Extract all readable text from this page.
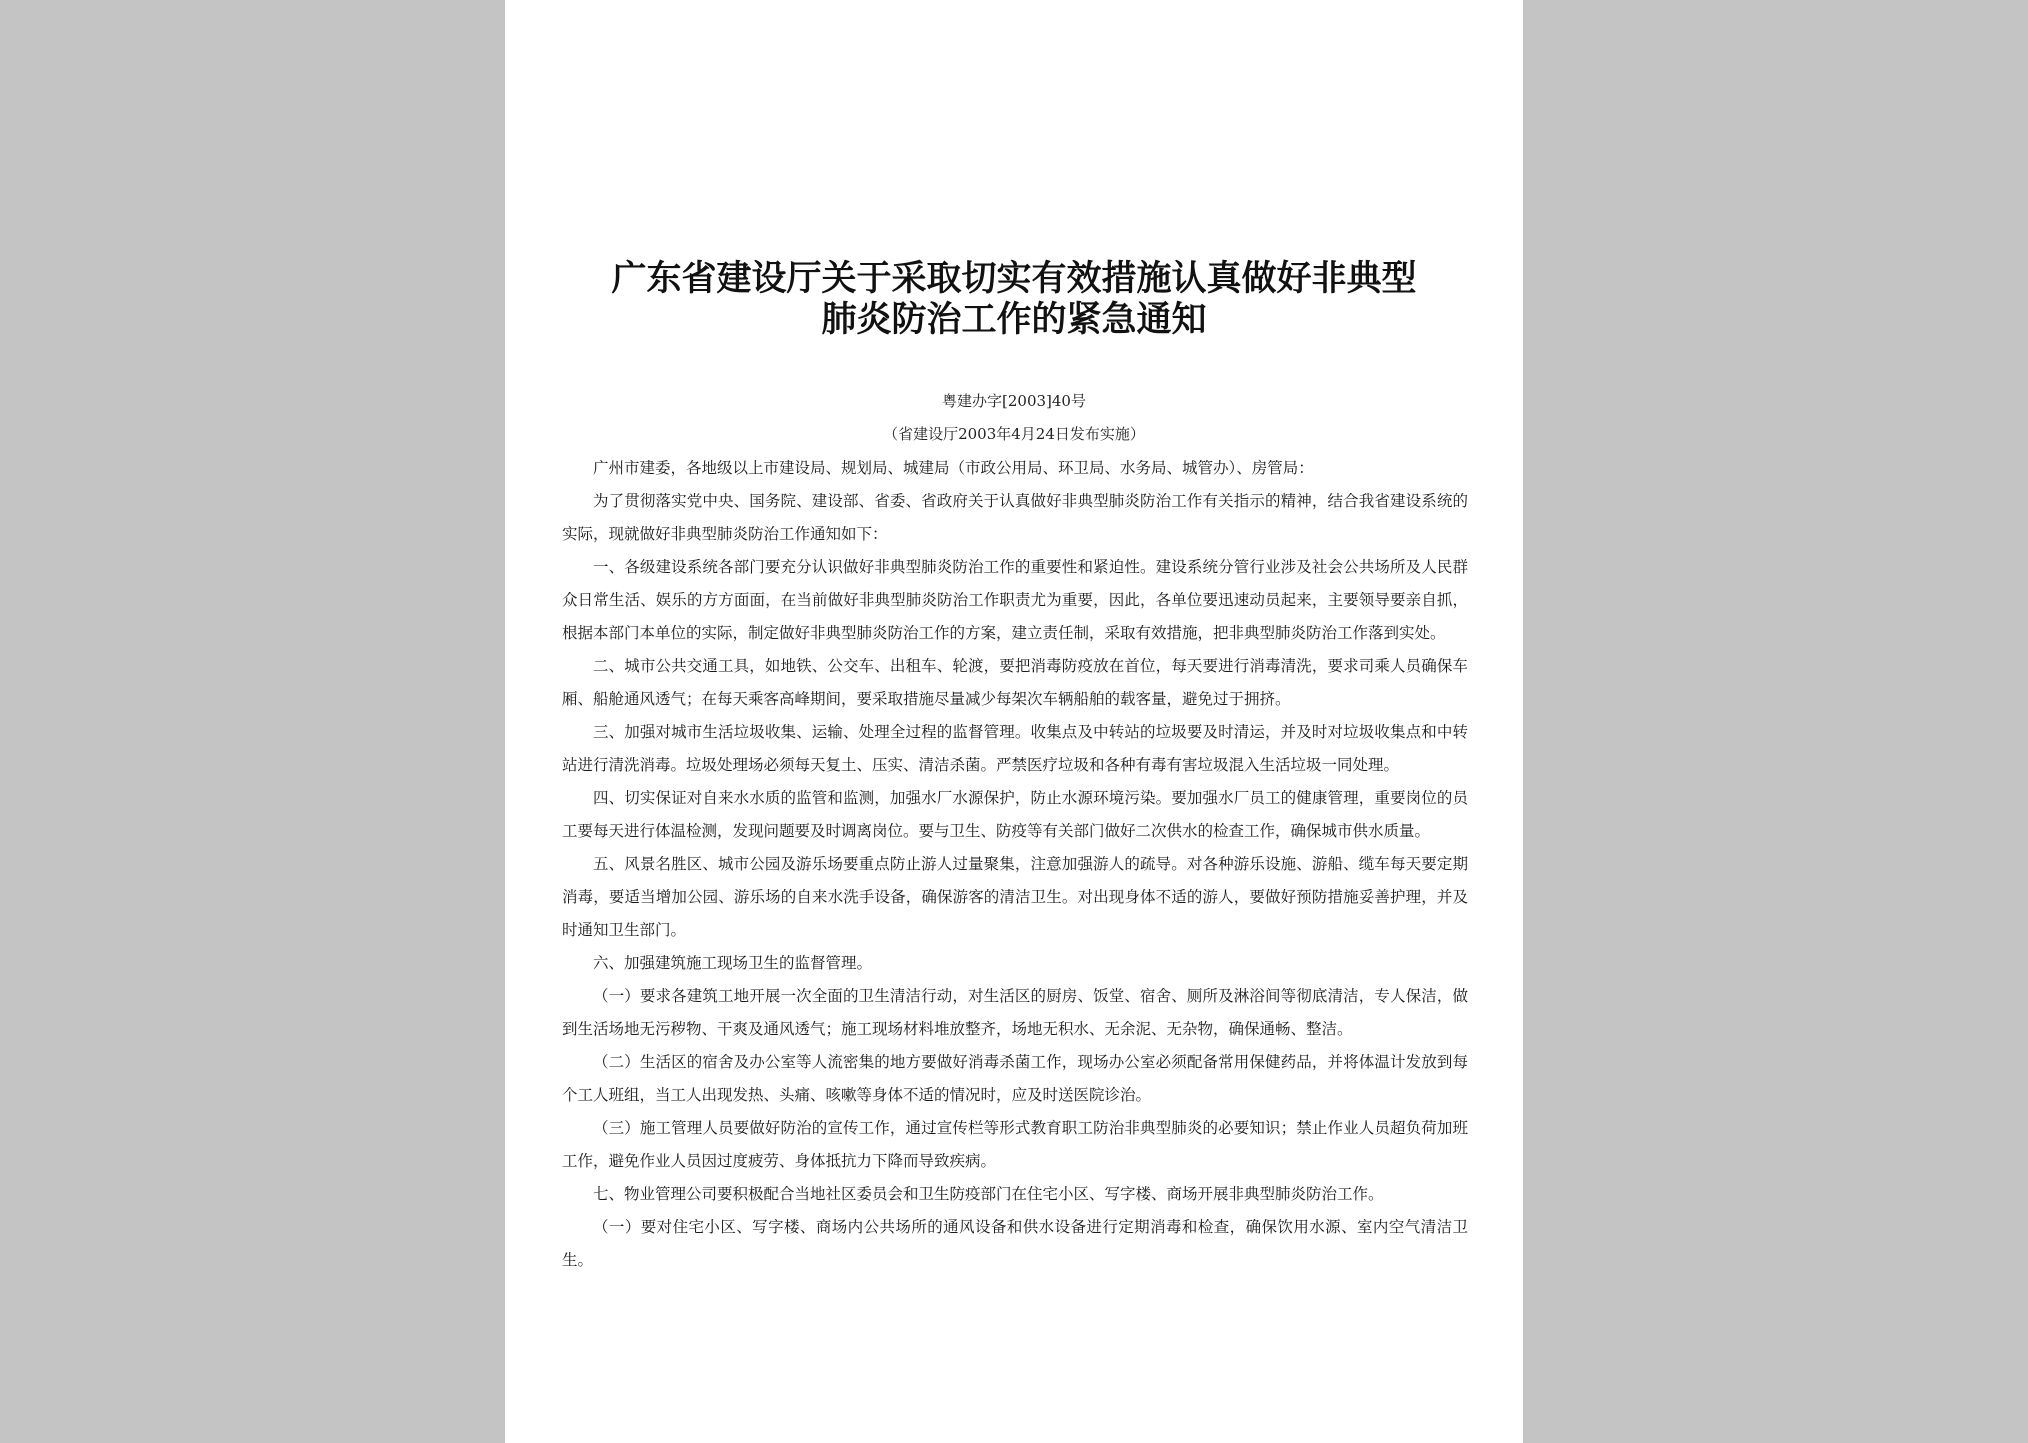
广东省建设厅关于采取切实有效措施认真做好非典型
肺炎防治工作的紧急通知
粤建办字[2003]40号
（省建设厅2003年4月24日发布实施）

广州市建委，各地级以上市建设局、规划局、城建局（市政公用局、环卫局、水务局、城管办）、房管局：

为了贯彻落实党中央、国务院、建设部、省委、省政府关于认真做好非典型肺炎防治工作有关指示的精神，结合我省建设系统的实际，现就做好非典型肺炎防治工作通知如下：

一、各级建设系统各部门要充分认识做好非典型肺炎防治工作的重要性和紧迫性。建设系统分管行业涉及社会公共场所及人民群众日常生活、娱乐的方方面面，在当前做好非典型肺炎防治工作职责尤为重要，因此，各单位要迅速动员起来，主要领导要亲自抓，根据本部门本单位的实际，制定做好非典型肺炎防治工作的方案，建立责任制，采取有效措施，把非典型肺炎防治工作落到实处。

二、城市公共交通工具，如地铁、公交车、出租车、轮渡，要把消毒防疫放在首位，每天要进行消毒清洗，要求司乘人员确保车厢、船舱通风透气；在每天乘客高峰期间，要采取措施尽量减少每架次车辆船舶的载客量，避免过于拥挤。

三、加强对城市生活垃圾收集、运输、处理全过程的监督管理。收集点及中转站的垃圾要及时清运，并及时对垃圾收集点和中转站进行清洗消毒。垃圾处理场必须每天复土、压实、清洁杀菌。严禁医疗垃圾和各种有毒有害垃圾混入生活垃圾一同处理。

四、切实保证对自来水水质的监管和监测，加强水厂水源保护，防止水源环境污染。要加强水厂员工的健康管理，重要岗位的员工要每天进行体温检测，发现问题要及时调离岗位。要与卫生、防疫等有关部门做好二次供水的检查工作，确保城市供水质量。

五、风景名胜区、城市公园及游乐场要重点防止游人过量聚集，注意加强游人的疏导。对各种游乐设施、游船、缆车每天要定期消毒，要适当增加公园、游乐场的自来水洗手设备，确保游客的清洁卫生。对出现身体不适的游人，要做好预防措施妥善护理，并及时通知卫生部门。

六、加强建筑施工现场卫生的监督管理。

（一）要求各建筑工地开展一次全面的卫生清洁行动，对生活区的厨房、饭堂、宿舍、厕所及淋浴间等彻底清洁，专人保洁，做到生活场地无污秽物、干爽及通风透气；施工现场材料堆放整齐，场地无积水、无余泥、无杂物，确保通畅、整洁。

（二）生活区的宿舍及办公室等人流密集的地方要做好消毒杀菌工作，现场办公室必须配备常用保健药品，并将体温计发放到每个工人班组，当工人出现发热、头痛、咳嗽等身体不适的情况时，应及时送医院诊治。

（三）施工管理人员要做好防治的宣传工作，通过宣传栏等形式教育职工防治非典型肺炎的必要知识；禁止作业人员超负荷加班工作，避免作业人员因过度疲劳、身体抵抗力下降而导致疾病。

七、物业管理公司要积极配合当地社区委员会和卫生防疫部门在住宅小区、写字楼、商场开展非典型肺炎防治工作。

（一）要对住宅小区、写字楼、商场内公共场所的通风设备和供水设备进行定期消毒和检查，确保饮用水源、室内空气清洁卫生。
